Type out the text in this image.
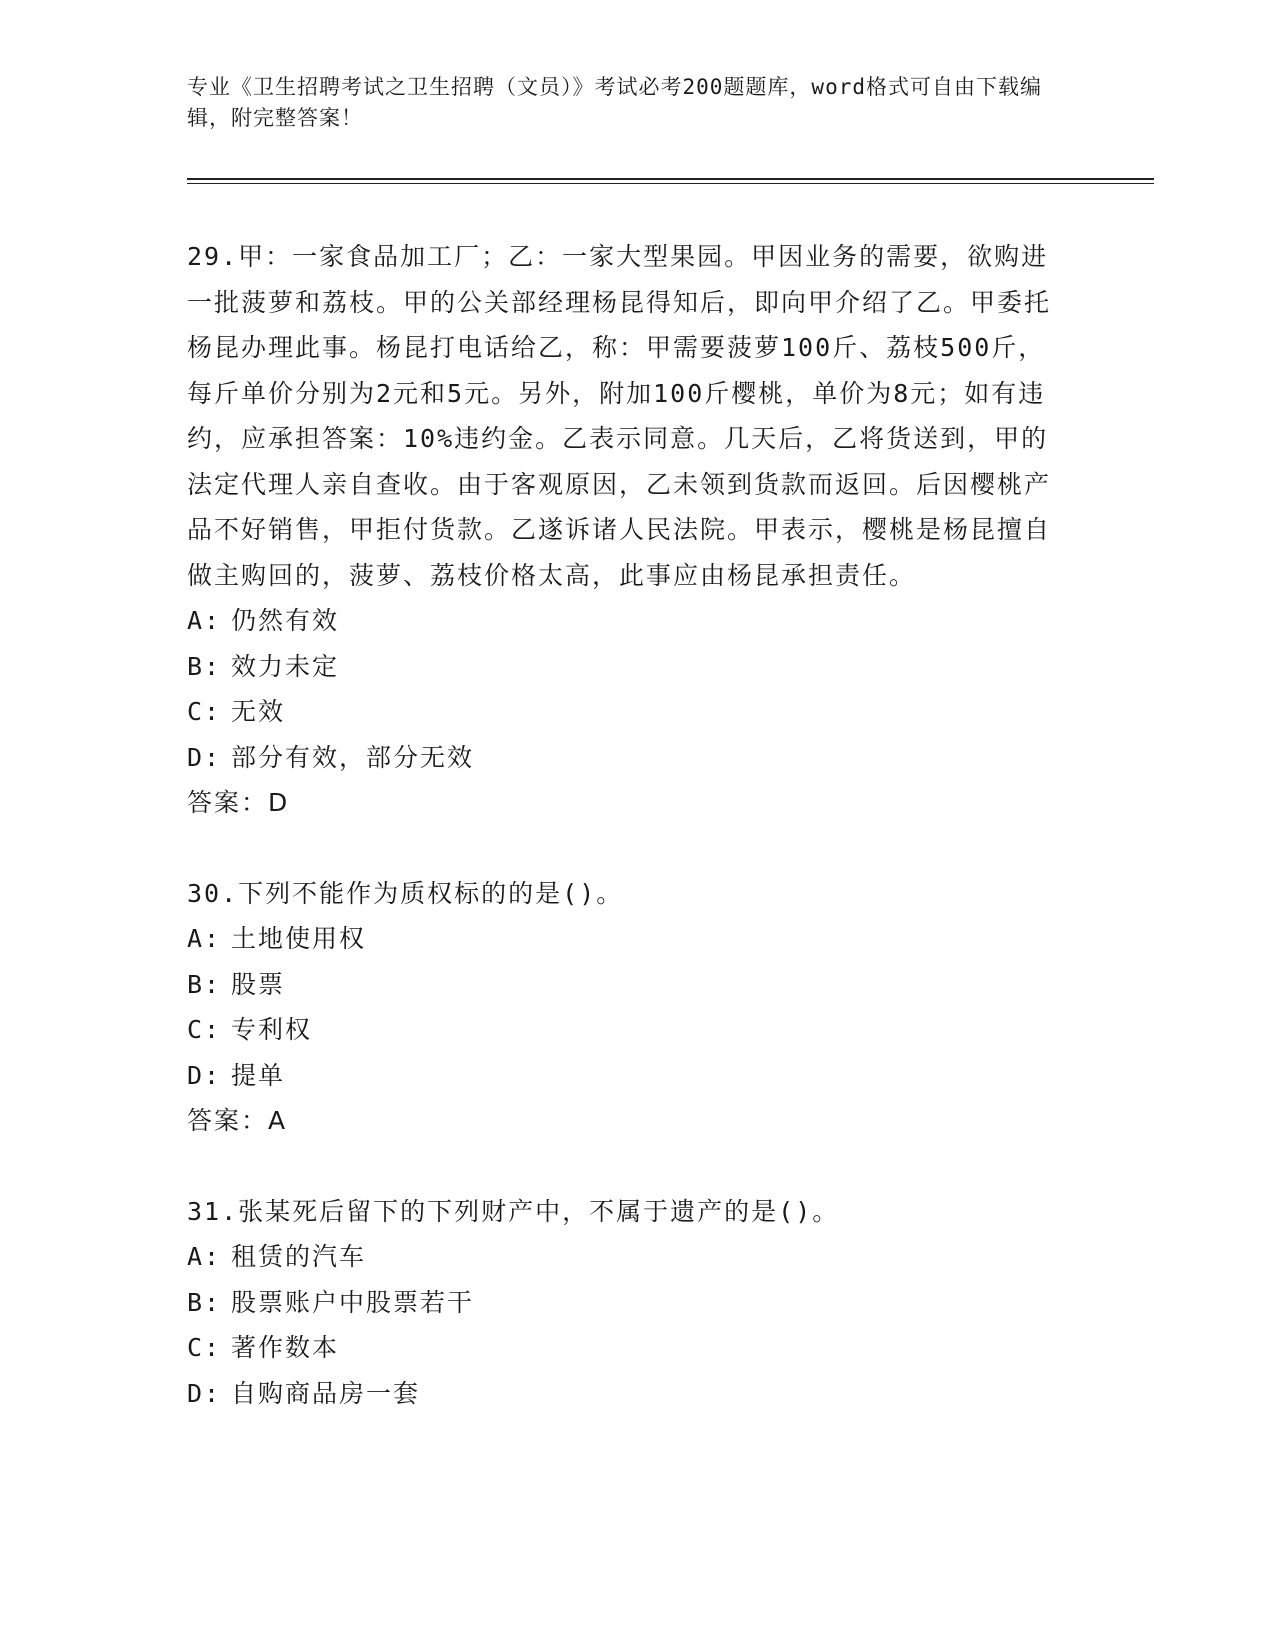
专业《卫生招聘考试之卫生招聘（文员）》考试必考200题题库，word格式可自由下载编辑，附完整答案！

29.甲：一家食品加工厂；乙：一家大型果园。甲因业务的需要，欲购进一批菠萝和荔枝。甲的公关部经理杨昆得知后，即向甲介绍了乙。甲委托杨昆办理此事。杨昆打电话给乙，称：甲需要菠萝100斤、荔枝500斤，每斤单价分别为2元和5元。另外，附加100斤樱桃，单价为8元；如有违约，应承担答案：10%违约金。乙表示同意。几天后，乙将货送到，甲的法定代理人亲自查收。由于客观原因，乙未领到货款而返回。后因樱桃产品不好销售，甲拒付货款。乙遂诉诸人民法院。甲表示，樱桃是杨昆擅自做主购回的，菠萝、荔枝价格太高，此事应由杨昆承担责任。

A: 仍然有效

B: 效力未定

C: 无效

D: 部分有效，部分无效

答案：D

30.下列不能作为质权标的的是()。

A: 土地使用权

B: 股票

C: 专利权

D: 提单

答案：A

31.张某死后留下的下列财产中，不属于遗产的是()。

A: 租赁的汽车

B: 股票账户中股票若干

C: 著作数本

D: 自购商品房一套
